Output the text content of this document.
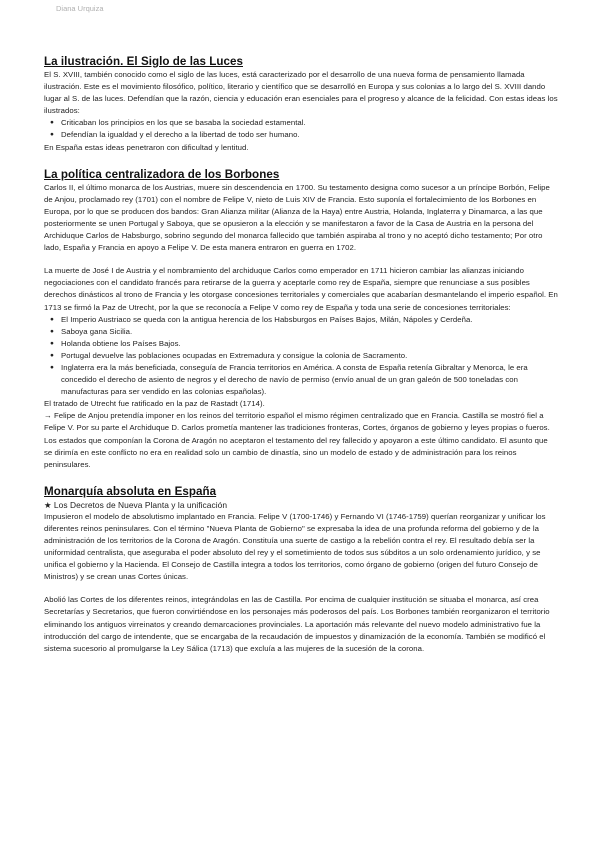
Diana Urquiza
La ilustración. El Siglo de las Luces

El S. XVIII, también conocido como el siglo de las luces, está caracterizado por el desarrollo de una nueva forma de pensamiento llamada ilustración. Este es el movimiento filosófico, político, literario y científico que se desarrolló en Europa y sus colonias a lo largo del S. XVIII dando lugar al S. de las luces. Defendían que la razón, ciencia y educación eran esenciales para el progreso y alcance de la felicidad. Con estas ideas los ilustrados:

● Criticaban los principios en los que se basaba la sociedad estamental.
● Defendían la igualdad y el derecho a la libertad de todo ser humano.

En España estas ideas penetraron con dificultad y lentitud.

La política centralizadora de los Borbones

Carlos II, el último monarca de los Austrias, muere sin descendencia en 1700. Su testamento designa como sucesor a un príncipe Borbón, Felipe de Anjou, proclamado rey (1701) con el nombre de Felipe V, nieto de Luis XIV de Francia. Esto suponía el fortalecimiento de los Borbones en Europa, por lo que se producen dos bandos: Gran Alianza militar (Alianza de la Haya) entre Austria, Holanda, Inglaterra y Dinamarca, a las que posteriormente se unen Portugal y Saboya, que se opusieron a la elección y se manifestaron a favor de la Casa de Austria en la persona del Archiduque Carlos de Habsburgo, sobrino segundo del monarca fallecido que también aspiraba al trono y no aceptó dicho testamento; Por otro lado, España y Francia en apoyo a Felipe V. De esta manera entraron en guerra en 1702.

La muerte de José I de Austria y el nombramiento del archiduque Carlos como emperador en 1711 hicieron cambiar las alianzas iniciando negociaciones con el candidato francés para retirarse de la guerra y aceptarle como rey de España, siempre que renunciase a sus posibles derechos dinásticos al trono de Francia y les otorgase concesiones territoriales y comerciales que acabarían desmantelando el imperio español. En 1713 se firmó la Paz de Utrecht, por la que se reconocía a Felipe V como rey de España y toda una serie de concesiones territoriales:

● El Imperio Austriaco se queda con la antigua herencia de los Habsburgos en Países Bajos, Milán, Nápoles y Cerdeña.
● Saboya gana Sicilia.
● Holanda obtiene los Países Bajos.
● Portugal devuelve las poblaciones ocupadas en Extremadura y consigue la colonia de Sacramento.
● Inglaterra era la más beneficiada, conseguía de Francia territorios en América. A consta de España retenía Gibraltar y Menorca, le era concedido el derecho de asiento de negros y el derecho de navío de permiso (envío anual de un gran galeón de 500 toneladas con manufacturas para ser vendido en las colonias españolas).

El tratado de Utrecht fue ratificado en la paz de Rastadt (1714).

→ Felipe de Anjou pretendía imponer en los reinos del territorio español el mismo régimen centralizado que en Francia. Castilla se mostró fiel a Felipe V. Por su parte el Archiduque D. Carlos prometía mantener las tradiciones fronteras, Cortes, órganos de gobierno y leyes propias o fueros. Los estados que componían la Corona de Aragón no aceptaron el testamento del rey fallecido y apoyaron a este último candidato. El asunto que se dirimía en este conflicto no era en realidad solo un cambio de dinastía, sino un modelo de estado y de administración para los reinos peninsulares.

Monarquía absoluta en España
★ Los Decretos de Nueva Planta y la unificación

Impusieron el modelo de absolutismo implantado en Francia. Felipe V (1700-1746) y Fernando VI (1746-1759) querían reorganizar y unificar los diferentes reinos peninsulares. Con el término "Nueva Planta de Gobierno" se expresaba la idea de una profunda reforma del gobierno y de la administración de los territorios de la Corona de Aragón. Constituía una suerte de castigo a la rebelión contra el rey. El resultado debía ser la uniformidad centralista, que aseguraba el poder absoluto del rey y el sometimiento de todos sus súbditos a un solo ordenamiento jurídico, y se unifica el gobierno y la Hacienda. El Consejo de Castilla integra a todos los territorios, como órgano de gobierno (origen del futuro Consejo de Ministros) y se crean unas Cortes únicas.

Abolió las Cortes de los diferentes reinos, integrándolas en las de Castilla. Por encima de cualquier institución se situaba el monarca, así crea Secretarías y Secretarios, que fueron convirtiéndose en los personajes más poderosos del país. Los Borbones también reorganizaron el territorio eliminando los antiguos virreinatos y creando demarcaciones provinciales. La aportación más relevante del nuevo modelo administrativo fue la introducción del cargo de intendente, que se encargaba de la recaudación de impuestos y dinamización de la economía. También se modificó el sistema sucesorio al promulgarse la Ley Sálica (1713) que excluía a las mujeres de la sucesión de la corona.
